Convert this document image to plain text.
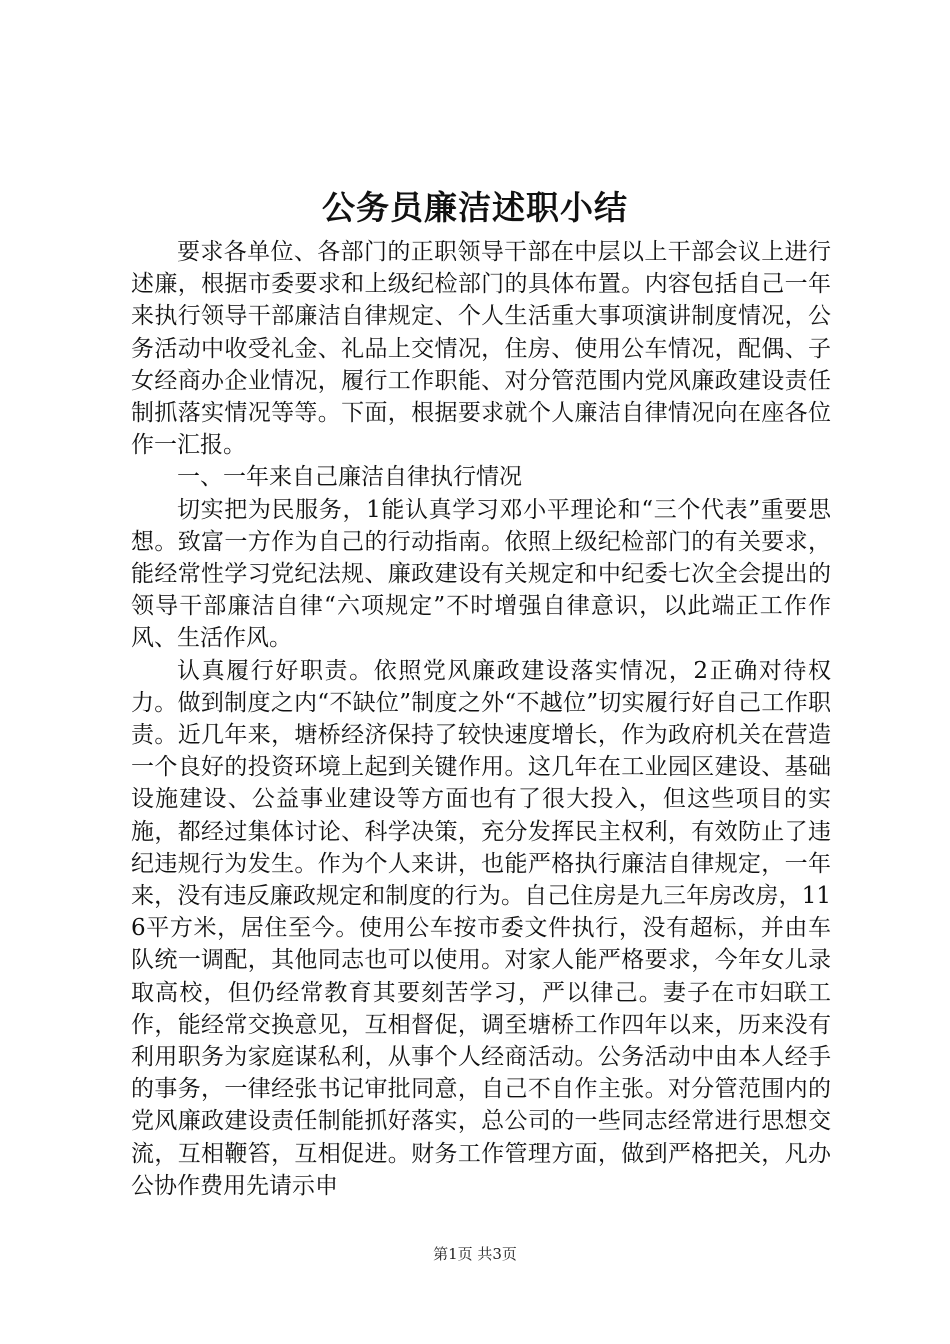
公务员廉洁述职小结

要求各单位、各部门的正职领导干部在中层以上干部会议上进行述廉，根据市委要求和上级纪检部门的具体布置。内容包括自己一年来执行领导干部廉洁自律规定、个人生活重大事项演讲制度情况，公务活动中收受礼金、礼品上交情况，住房、使用公车情况，配偶、子女经商办企业情况，履行工作职能、对分管范围内党风廉政建设责任制抓落实情况等等。下面，根据要求就个人廉洁自律情况向在座各位作一汇报。

一、一年来自己廉洁自律执行情况

切实把为民服务，1能认真学习邓小平理论和“三个代表”重要思想。致富一方作为自己的行动指南。依照上级纪检部门的有关要求，能经常性学习党纪法规、廉政建设有关规定和中纪委七次全会提出的领导干部廉洁自律“六项规定”不时增强自律意识，以此端正工作作风、生活作风。

认真履行好职责。依照党风廉政建设落实情况，2正确对待权力。做到制度之内“不缺位”制度之外“不越位”切实履行好自己工作职责。近几年来，塘桥经济保持了较快速度增长，作为政府机关在营造一个良好的投资环境上起到关键作用。这几年在工业园区建设、基础设施建设、公益事业建设等方面也有了很大投入，但这些项目的实施，都经过集体讨论、科学决策，充分发挥民主权利，有效防止了违纪违规行为发生。作为个人来讲，也能严格执行廉洁自律规定，一年来，没有违反廉政规定和制度的行为。自己住房是九三年房改房，116平方米，居住至今。使用公车按市委文件执行，没有超标，并由车队统一调配，其他同志也可以使用。对家人能严格要求，今年女儿录取高校，但仍经常教育其要刻苦学习，严以律己。妻子在市妇联工作，能经常交换意见，互相督促，调至塘桥工作四年以来，历来没有利用职务为家庭谋私利，从事个人经商活动。公务活动中由本人经手的事务，一律经张书记审批同意，自己不自作主张。对分管范围内的党风廉政建设责任制能抓好落实，总公司的一些同志经常进行思想交流，互相鞭笞，互相促进。财务工作管理方面，做到严格把关，凡办公协作费用先请示申

第1页 共3页
